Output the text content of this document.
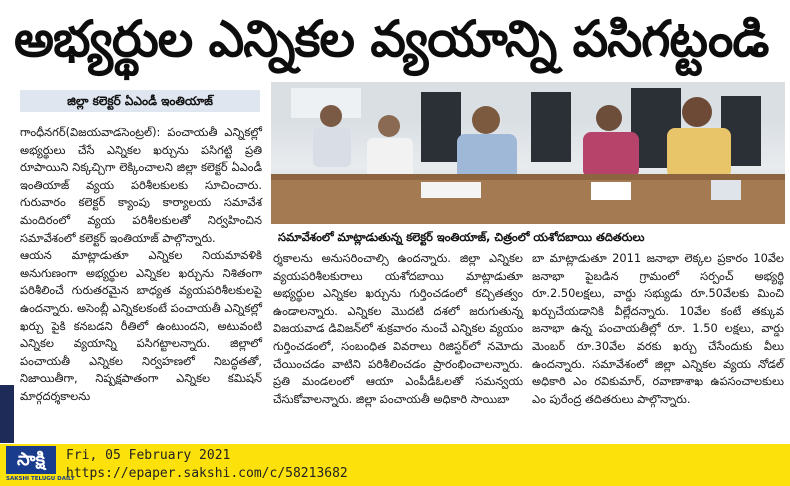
అభ్యర్థుల ఎన్నికల వ్యయాన్ని పసిగట్టండి
జిల్లా కలెక్టర్ ఏఎండీ ఇంతియాజ్

గాంధీనగర్(విజయవాడసెంట్రల్): పంచాయతీ ఎన్నికల్లో అభ్యర్థులు చేసే ఎన్నికల ఖర్చును పసిగట్టి ప్రతి రూపాయిని నిక్కచ్చిగా లెక్కించాలని జిల్లా కలెక్టర్ ఏఎండీ ఇంతియాజ్ వ్యయ పరిశీలకులకు సూచించారు. గురువారం కలెక్టర్ క్యాంపు కార్యాలయ సమావేశ మందిరంలో వ్యయ పరిశీలకులతో నిర్వహించిన సమావేశంలో కలెక్టర్ ఇంతియాజ్ పాల్గొన్నారు.

ఆయన మాట్లాడుతూ ఎన్నికల నియమావళికి అనుగుణంగా అభ్యర్థుల ఎన్నికల ఖర్చును నిశితంగా పరిశీలించే గురుతరమైన బాధ్యత వ్యయపరిశీలకులపై ఉందన్నారు. అసెంబ్లీ ఎన్నికలకంటే పంచాయతీ ఎన్నికల్లో ఖర్చు పైకి కనబడని రీతిలో ఉంటుందని, అటువంటి ఎన్నికల వ్యయాన్ని పసిగట్టాలన్నారు. జిల్లాలో పంచాయతీ ఎన్నికల నిర్వహణలో నిబద్ధతతో, నిజాయితీగా, నిష్పక్షపాతంగా ఎన్నికల కమిషన్ మార్గదర్శకాలను

సమావేశంలో మాట్లాడుతున్న కలెక్టర్ ఇంతియాజ్, చిత్రంలో యశోదబాయి తదితరులు

ర్శకాలను అనుసరించాల్సి ఉందన్నారు. జిల్లా ఎన్నికల వ్యయపరిశీలకురాలు యశోదబాయి మాట్లాడుతూ అభ్యర్థుల ఎన్నికల ఖర్చును గుర్తించడంలో కచ్చితత్వం ఉండాలన్నారు. ఎన్నికల మొదటి దశలో జరుగుతున్న విజయవాడ డివిజన్‌లో శుక్రవారం నుంచే ఎన్నికల వ్యయం గుర్తించడంలో, సంబంధిత వివరాలు రిజిస్టర్‌లో నమోదు చేయించడం వాటిని పరిశీలించడం ప్రారంభించాలన్నారు. ప్రతి మండలంలో ఆయా ఎంపీడీఓలతో సమన్వయ చేసుకోవాలన్నారు. జిల్లా పంచాయతీ అధికారి సాయిబా

బా మాట్లాడుతూ 2011 జనాభా లెక్కల ప్రకారం 10వేల జనాభా పైబడిన గ్రామంలో సర్పంచ్ అభ్యర్థి రూ.2.50లక్షలు, వార్డు సభ్యుడు రూ.50వేలకు మించి ఖర్చుచేయడానికి వీల్లేదన్నారు. 10వేల కంటే తక్కువ జనాభా ఉన్న పంచాయతీల్లో రూ. 1.50 లక్షలు, వార్డు మెంబర్ రూ.30వేల వరకు ఖర్చు చేసేందుకు వీలు ఉందన్నారు. సమావేశంలో జిల్లా ఎన్నికల వ్యయ నోడల్ అధికారి ఎం రవికుమార్, రవాణాశాఖ ఉపసంచాలకులు ఎం పురేంద్ర తదితరులు పాల్గొన్నారు.

సాక్షి
SAKSHI TELUGU DAILY
Fri, 05 February 2021
https://epaper.sakshi.com/c/58213682
